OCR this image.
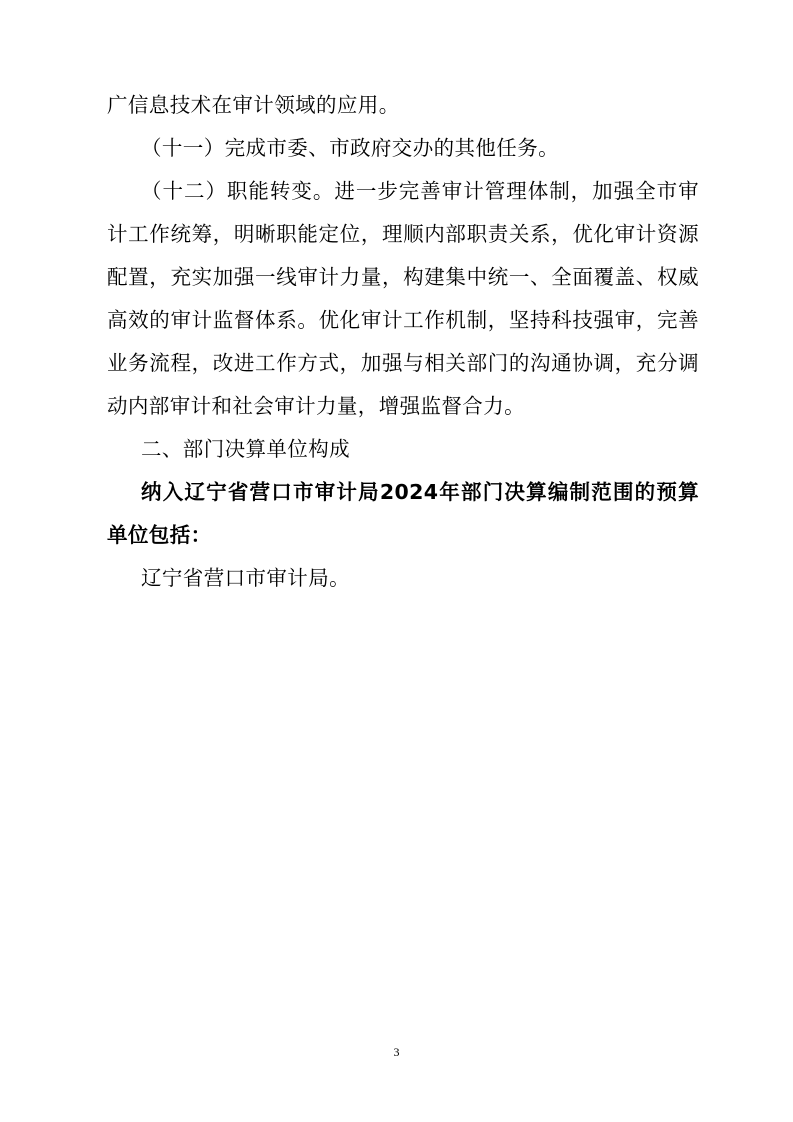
广信息技术在审计领域的应用。
（十一）完成市委、市政府交办的其他任务。
（十二）职能转变。进一步完善审计管理体制，加强全市审
计工作统筹，明晰职能定位，理顺内部职责关系，优化审计资源
配置，充实加强一线审计力量，构建集中统一、全面覆盖、权威
高效的审计监督体系。优化审计工作机制，坚持科技强审，完善
业务流程，改进工作方式，加强与相关部门的沟通协调，充分调
动内部审计和社会审计力量，增强监督合力。
二、部门决算单位构成
纳入辽宁省营口市审计局2024年部门决算编制范围的预算
单位包括：
辽宁省营口市审计局。
3
